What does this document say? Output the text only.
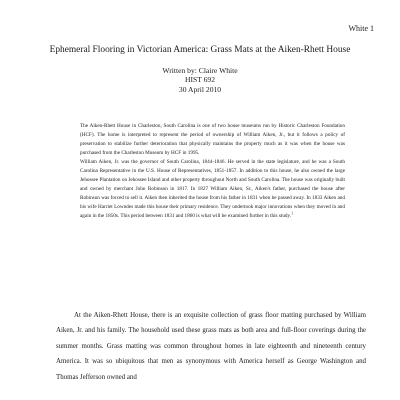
White 1
Ephemeral Flooring in Victorian America: Grass Mats at the Aiken-Rhett House
Written by: Claire White
HIST 692
30 April 2010

The Aiken-Rhett House in Charleston, South Carolina is one of two house museums run by Historic Charleston Foundation (HCF). The home is interpreted to represent the period of ownership of William Aiken, Jr., but it follows a policy of preservation to stabilize further deterioration that physically maintains the property much as it was when the house was purchased from the Charleston Museum by HCF in 1995.

William Aiken, Jr. was the governor of South Carolina, 1844-1846. He served in the state legislature, and he was a South Carolina Representative in the U.S. House of Representatives, 1851-1857. In addition to this house, he also owned the large Jehossee Plantation on Jehossee Island and other property throughout North and South Carolina. The house was originally built and owned by merchant John Robinson in 1817. In 1827 William Aiken, Sr., Aiken's father, purchased the house after Robinson was forced to sell it. Aiken then inherited the house from his father in 1831 when he passed away. In 1833 Aiken and his wife Harriet Lowndes made this house their primary residence. They undertook major innovations when they moved in and again in the 1850s. This period between 1831 and 1860 is what will be examined further in this study.$^1$

At the Aiken-Rhett House, there is an exquisite collection of grass floor matting purchased by William Aiken, Jr. and his family. The household used these grass mats as both area and full-floor coverings during the summer months. Grass matting was common throughout homes in late eighteenth and nineteenth century America. It was so ubiquitous that men as synonymous with America herself as George Washington and Thomas Jefferson owned and
